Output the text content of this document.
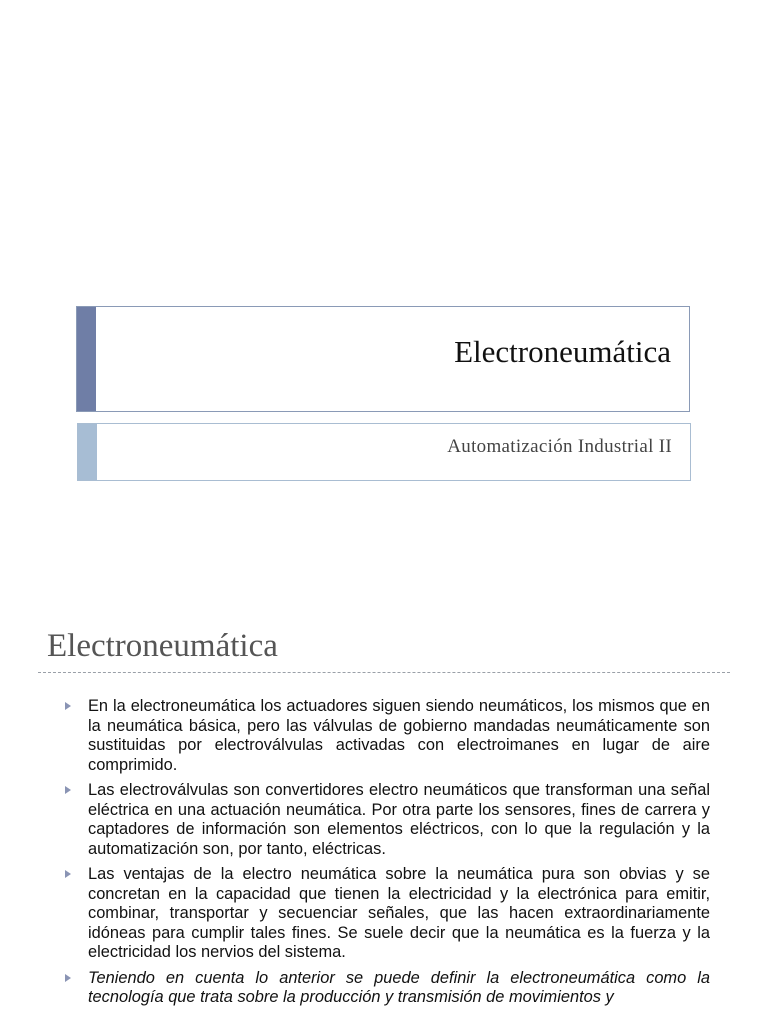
Electroneumática
Automatización Industrial II
Electroneumática
En la electroneumática los actuadores siguen siendo neumáticos, los mismos que en la neumática básica, pero las válvulas de gobierno mandadas neumáticamente son sustituidas por electroválvulas activadas con electroimanes en lugar de aire comprimido.
Las electroválvulas son convertidores electro neumáticos que transforman una señal eléctrica en una actuación neumática. Por otra parte los sensores, fines de carrera y captadores de información son elementos eléctricos, con lo que la regulación y la automatización son, por tanto, eléctricas.
Las ventajas de la electro neumática sobre la neumática pura son obvias y se concretan en la capacidad que tienen la electricidad y la electrónica para emitir, combinar, transportar y secuenciar señales, que las hacen extraordinariamente idóneas para cumplir tales fines. Se suele decir que la neumática es la fuerza y la electricidad los nervios del sistema.
Teniendo en cuenta lo anterior se puede definir la electroneumática como la tecnología que trata sobre la producción y transmisión de movimientos y
